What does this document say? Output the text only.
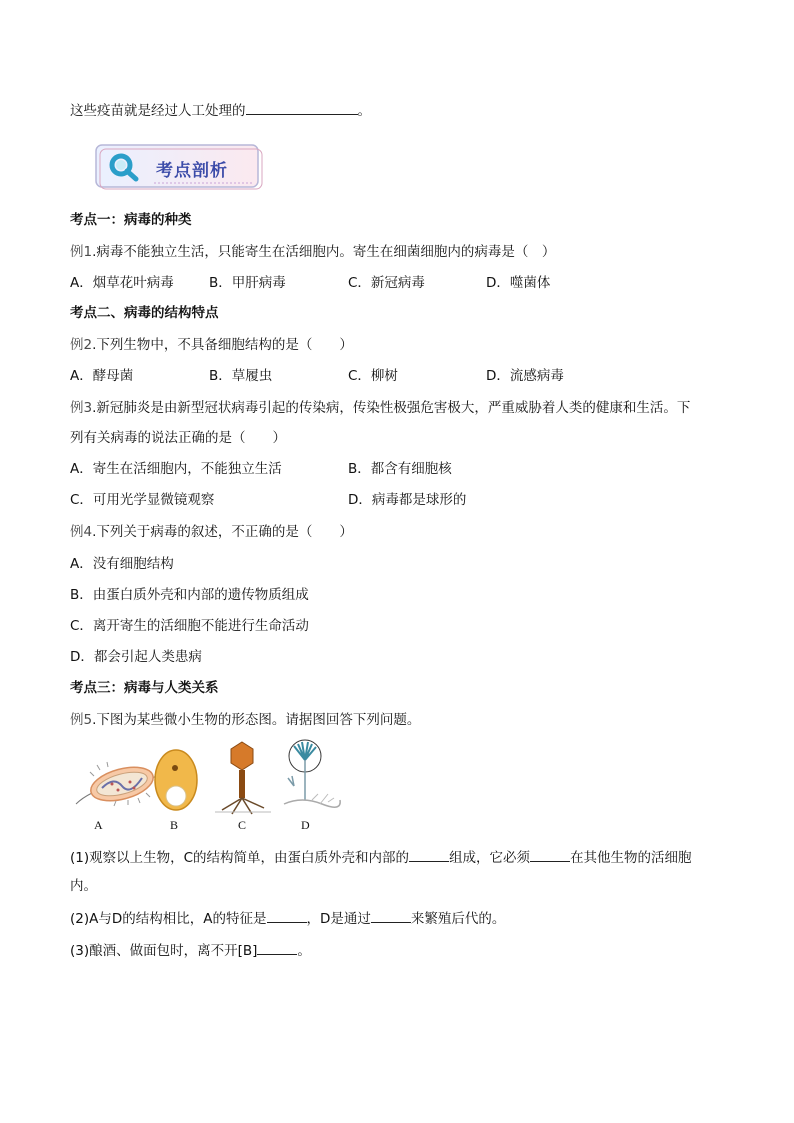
这些疫苗就是经过人工处理的	。
考点剖析
考点一：病毒的种类
例1.病毒不能独立生活，只能寄生在活细胞内。寄生在细菌细胞内的病毒是（　）
A．烟草花叶病毒	B．甲肝病毒	C．新冠病毒	D．噬菌体
考点二、病毒的结构特点
例2.下列生物中，不具备细胞结构的是（　　）
A．酵母菌	B．草履虫	C．柳树	D．流感病毒
例3.新冠肺炎是由新型冠状病毒引起的传染病，传染性极强危害极大，严重威胁着人类的健康和生活。下
列有关病毒的说法正确的是（　　）
A．寄生在活细胞内，不能独立生活	B．都含有细胞核
C．可用光学显微镜观察	D．病毒都是球形的
例4.下列关于病毒的叙述，不正确的是（　　）
A．没有细胞结构
B．由蛋白质外壳和内部的遗传物质组成
C．离开寄生的活细胞不能进行生命活动
D．都会引起人类患病
考点三：病毒与人类关系
例5.下图为某些微小生物的形态图。请据图回答下列问题。
A	B	C	D
(1)观察以上生物，C的结构简单，由蛋白质外壳和内部的	组成，它必须	在其他生物的活细胞
内。
(2)A与D的结构相比，A的特征是	，D是通过	来繁殖后代的。
(3)酿酒、做面包时，离不开[B]	。
